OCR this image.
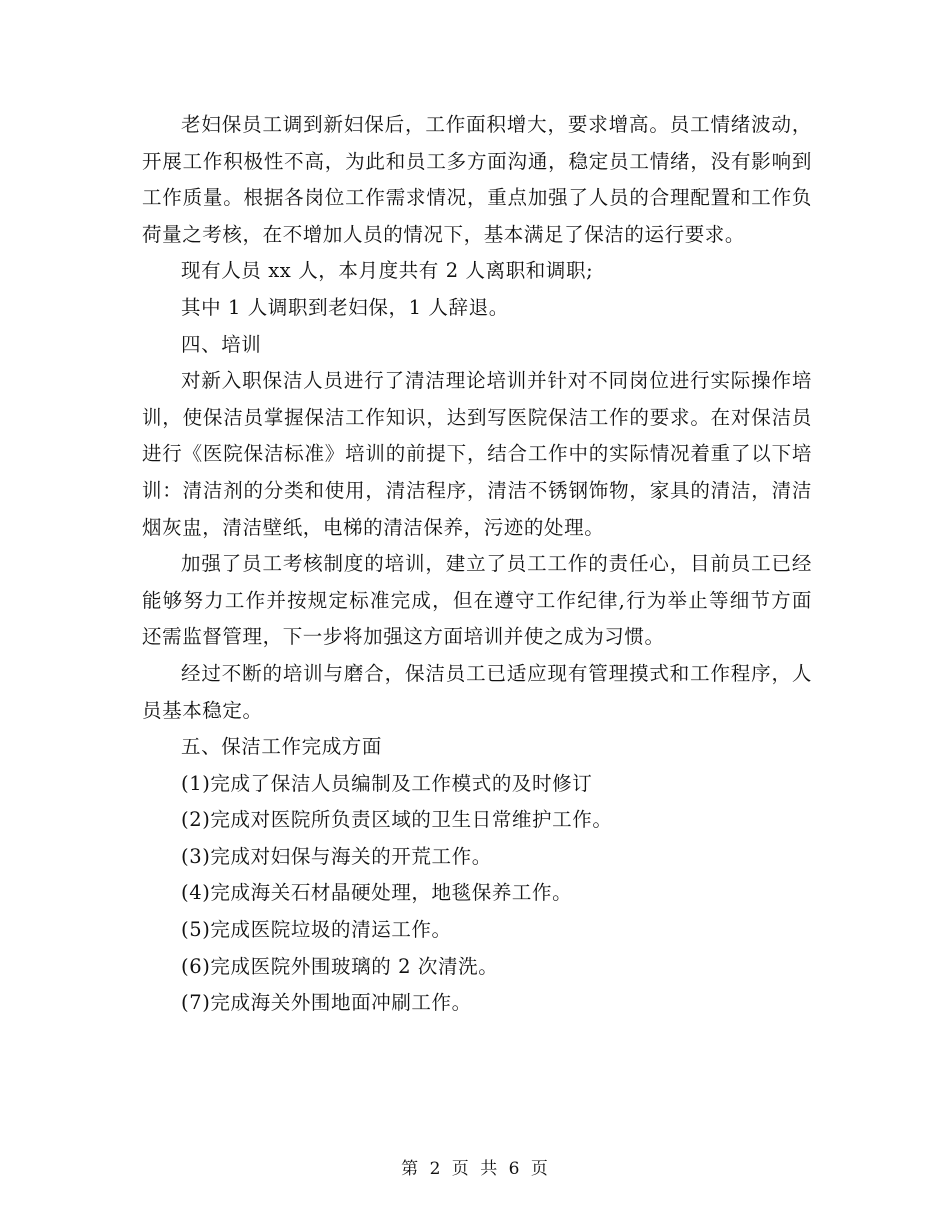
老妇保员工调到新妇保后，工作面积增大，要求增高。员工情绪波动，开展工作积极性不高，为此和员工多方面沟通，稳定员工情绪，没有影响到工作质量。根据各岗位工作需求情况，重点加强了人员的合理配置和工作负荷量之考核，在不增加人员的情况下，基本满足了保洁的运行要求。

现有人员 xx 人，本月度共有 2 人离职和调职;

其中 1 人调职到老妇保，1 人辞退。

四、培训

对新入职保洁人员进行了清洁理论培训并针对不同岗位进行实际操作培训，使保洁员掌握保洁工作知识，达到写医院保洁工作的要求。在对保洁员进行《医院保洁标准》培训的前提下，结合工作中的实际情况着重了以下培训：清洁剂的分类和使用，清洁程序，清洁不锈钢饰物，家具的清洁，清洁烟灰盅，清洁壁纸，电梯的清洁保养，污迹的处理。

加强了员工考核制度的培训，建立了员工工作的责任心，目前员工已经能够努力工作并按规定标准完成，但在遵守工作纪律,行为举止等细节方面还需监督管理，下一步将加强这方面培训并使之成为习惯。

经过不断的培训与磨合，保洁员工已适应现有管理摸式和工作程序，人员基本稳定。

五、保洁工作完成方面

(1)完成了保洁人员编制及工作模式的及时修订

(2)完成对医院所负责区域的卫生日常维护工作。

(3)完成对妇保与海关的开荒工作。

(4)完成海关石材晶硬处理，地毯保养工作。

(5)完成医院垃圾的清运工作。

(6)完成医院外围玻璃的 2 次清洗。

(7)完成海关外围地面冲刷工作。

第 2 页 共 6 页
